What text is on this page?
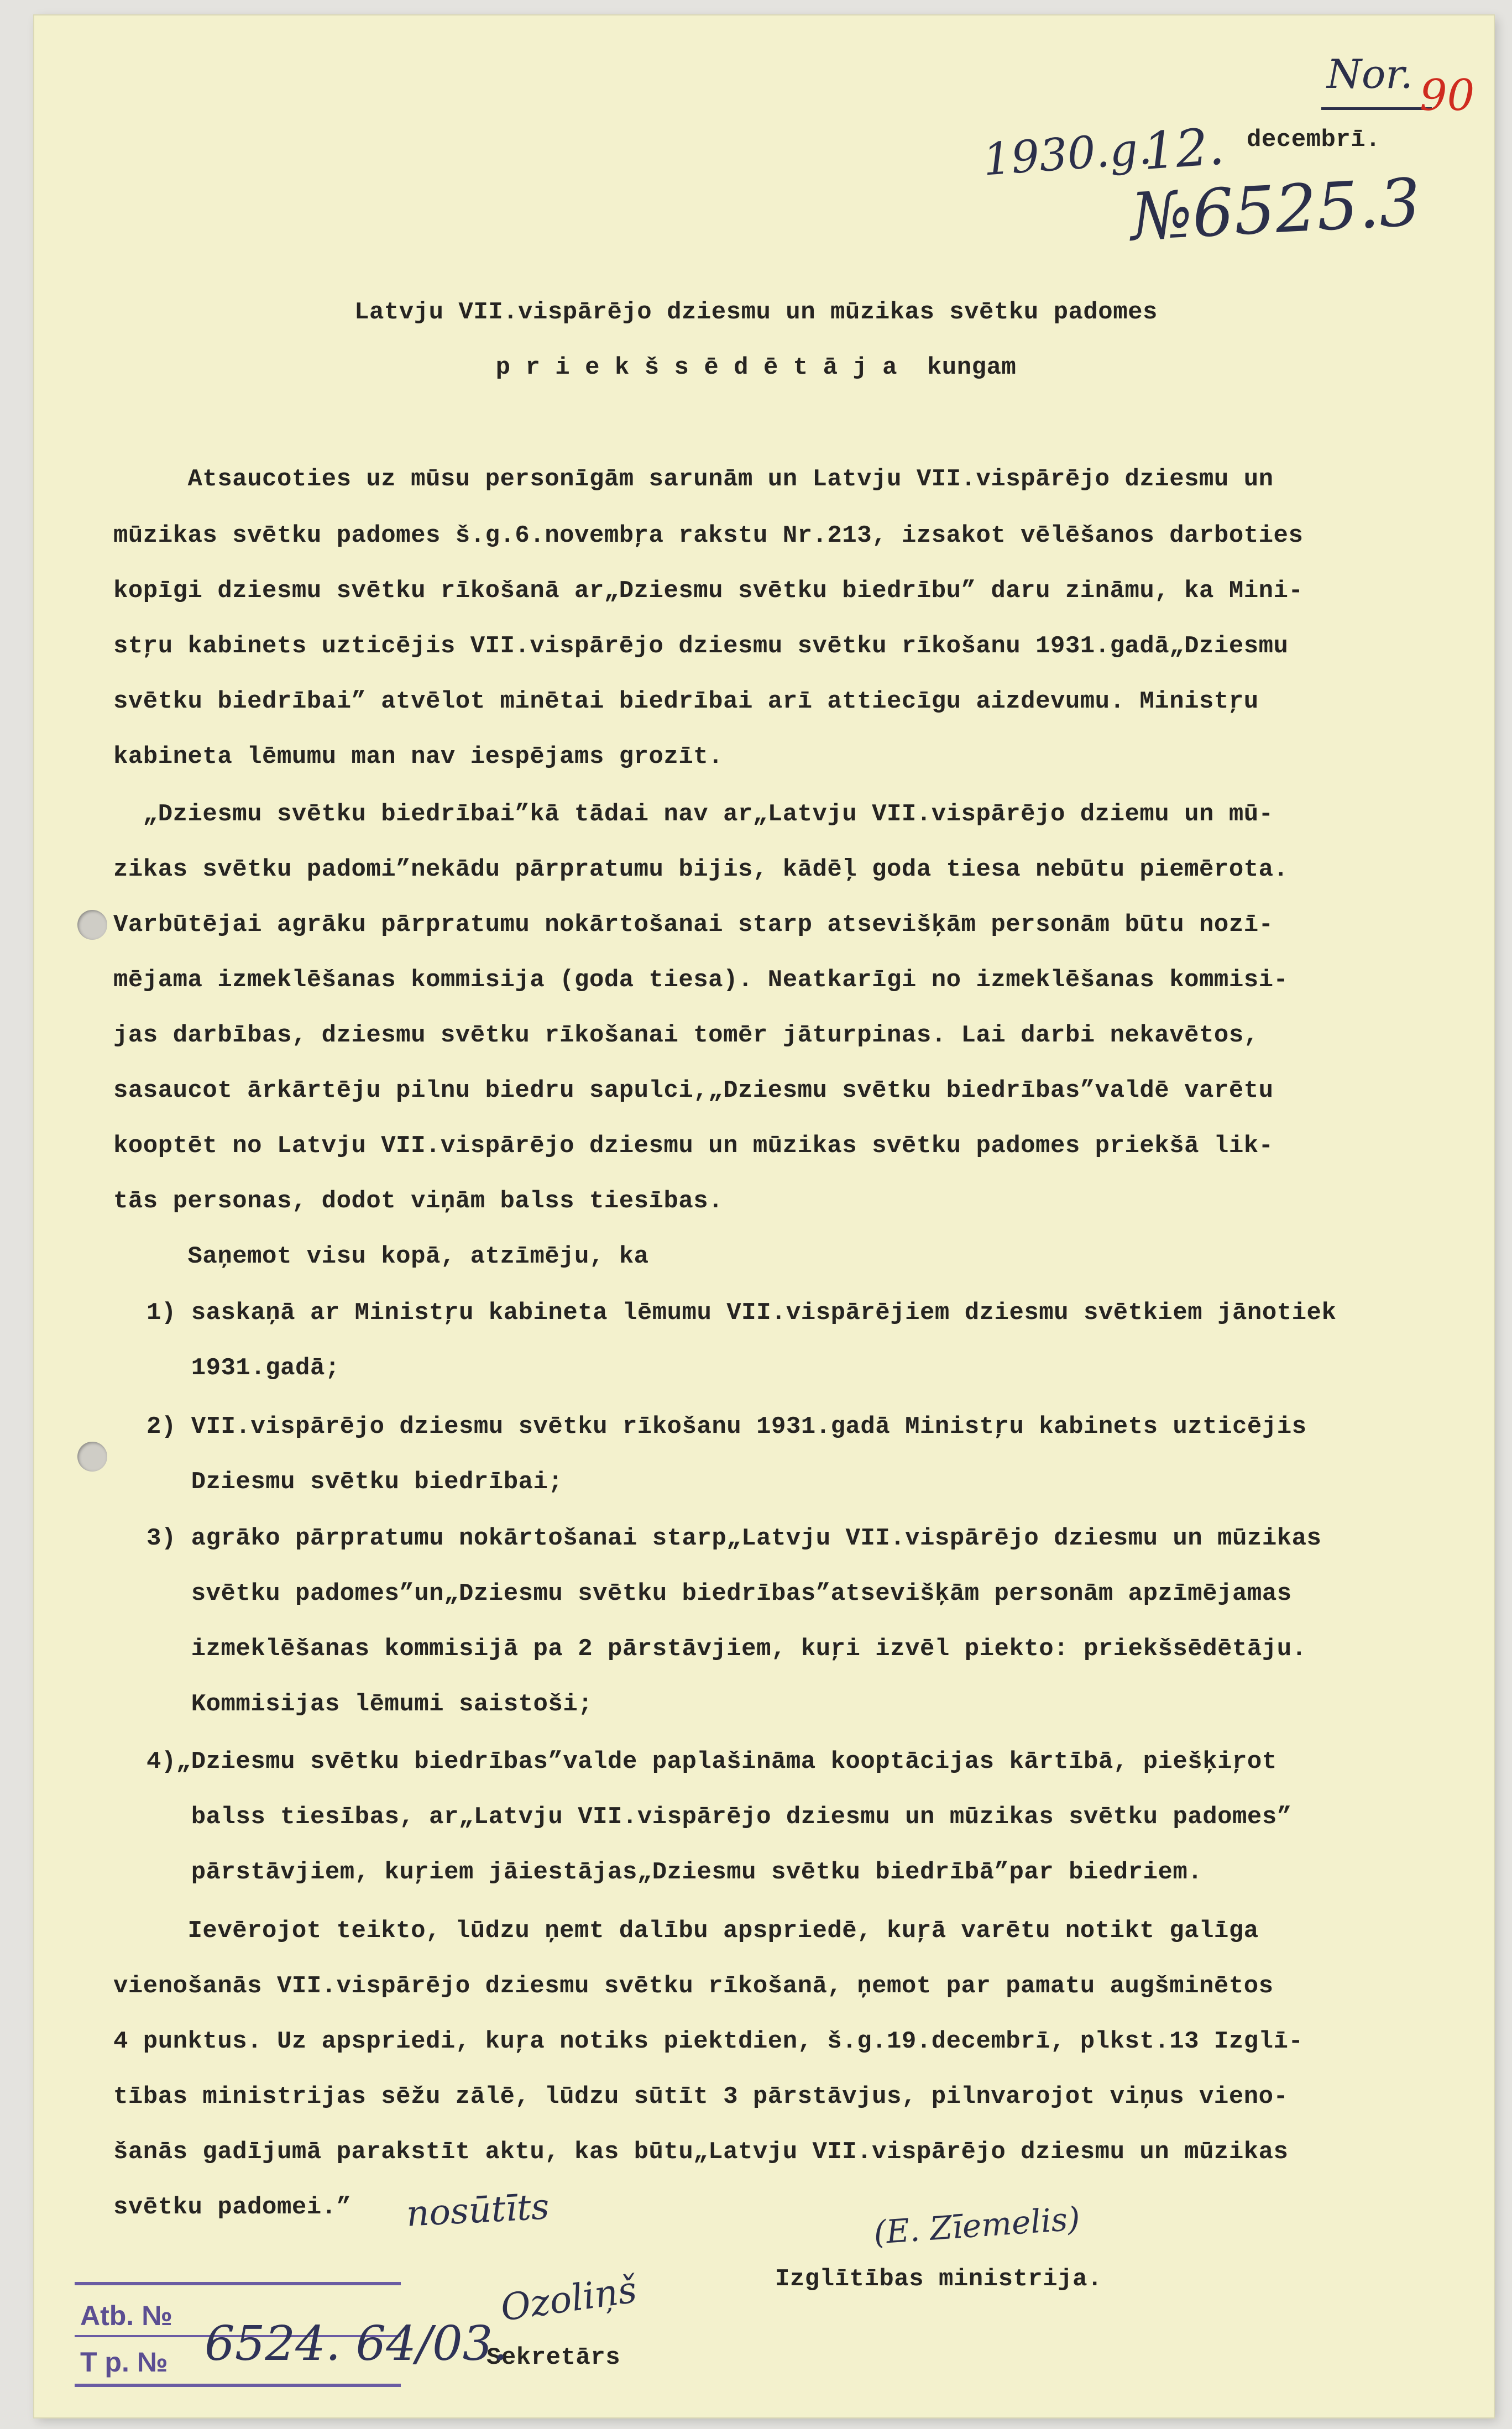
1930.g.
12. decembrī.
Nor. 90
№6525.3
Latvju VII.vispārējo dziesmu un mūzikas svētku padomes
p r i e k š s ē d ē t ā j a  kungam
Atsaucoties uz mūsu personīgām sarunām un Latvju VII.vispārējo dziesmu un
mūzikas svētku padomes š.g.6.novembŗa rakstu Nr.213, izsakot vēlēšanos darboties
kopīgi dziesmu svētku rīkošanā ar„Dziesmu svētku biedrību” daru zināmu, ka Mini-
stŗu kabinets uzticējis VII.vispārējo dziesmu svētku rīkošanu 1931.gadā„Dziesmu
svētku biedrībai” atvēlot minētai biedrībai arī attiecīgu aizdevumu. Ministŗu
kabineta lēmumu man nav iespējams grozīt.
„Dziesmu svētku biedrībai”kā tādai nav ar„Latvju VII.vispārējo dziemu un mū-
zikas svētku padomi”nekādu pārpratumu bijis, kādēļ goda tiesa nebūtu piemērota.
Varbūtējai agrāku pārpratumu nokārtošanai starp atsevišķām personām būtu nozī-
mējama izmeklēšanas kommisija (goda tiesa). Neatkarīgi no izmeklēšanas kommisi-
jas darbības, dziesmu svētku rīkošanai tomēr jāturpinas. Lai darbi nekavētos,
sasaucot ārkārtēju pilnu biedru sapulci,„Dziesmu svētku biedrības”valdē varētu
kooptēt no Latvju VII.vispārējo dziesmu un mūzikas svētku padomes priekšā lik-
tās personas, dodot viņām balss tiesības.
Saņemot visu kopā, atzīmēju, ka
1) saskaņā ar Ministŗu kabineta lēmumu VII.vispārējiem dziesmu svētkiem jānotiek
1931.gadā;
2) VII.vispārējo dziesmu svētku rīkošanu 1931.gadā Ministŗu kabinets uzticējis
Dziesmu svētku biedrībai;
3) agrāko pārpratumu nokārtošanai starp„Latvju VII.vispārējo dziesmu un mūzikas
svētku padomes”un„Dziesmu svētku biedrības”atsevišķām personām apzīmējamas
izmeklēšanas kommisijā pa 2 pārstāvjiem, kuŗi izvēl piekto: priekšsēdētāju.
Kommisijas lēmumi saistoši;
4)„Dziesmu svētku biedrības”valde paplašināma kooptācijas kārtībā, piešķiŗot
balss tiesības, ar„Latvju VII.vispārējo dziesmu un mūzikas svētku padomes”
pārstāvjiem, kuŗiem jāiestājas„Dziesmu svētku biedrībā”par biedriem.
Ievērojot teikto, lūdzu ņemt dalību apspriedē, kuŗā varētu notikt galīga
vienošanās VII.vispārējo dziesmu svētku rīkošanā, ņemot par pamatu augšminētos
4 punktus. Uz apspriedi, kuŗa notiks piektdien, š.g.19.decembrī, plkst.13 Izglī-
tības ministrijas sēžu zālē, lūdzu sūtīt 3 pārstāvjus, pilnvarojot viņus vieno-
šanās gadījumā parakstīt aktu, kas būtu„Latvju VII.vispārējo dziesmu un mūzikas
svētku padomei.” nosūtīts	(E. Zīemelis)
Izglītības ministrija.
Ozoliņš
Sekretārs
Atb. №
T p. № 6524. 64/03.
